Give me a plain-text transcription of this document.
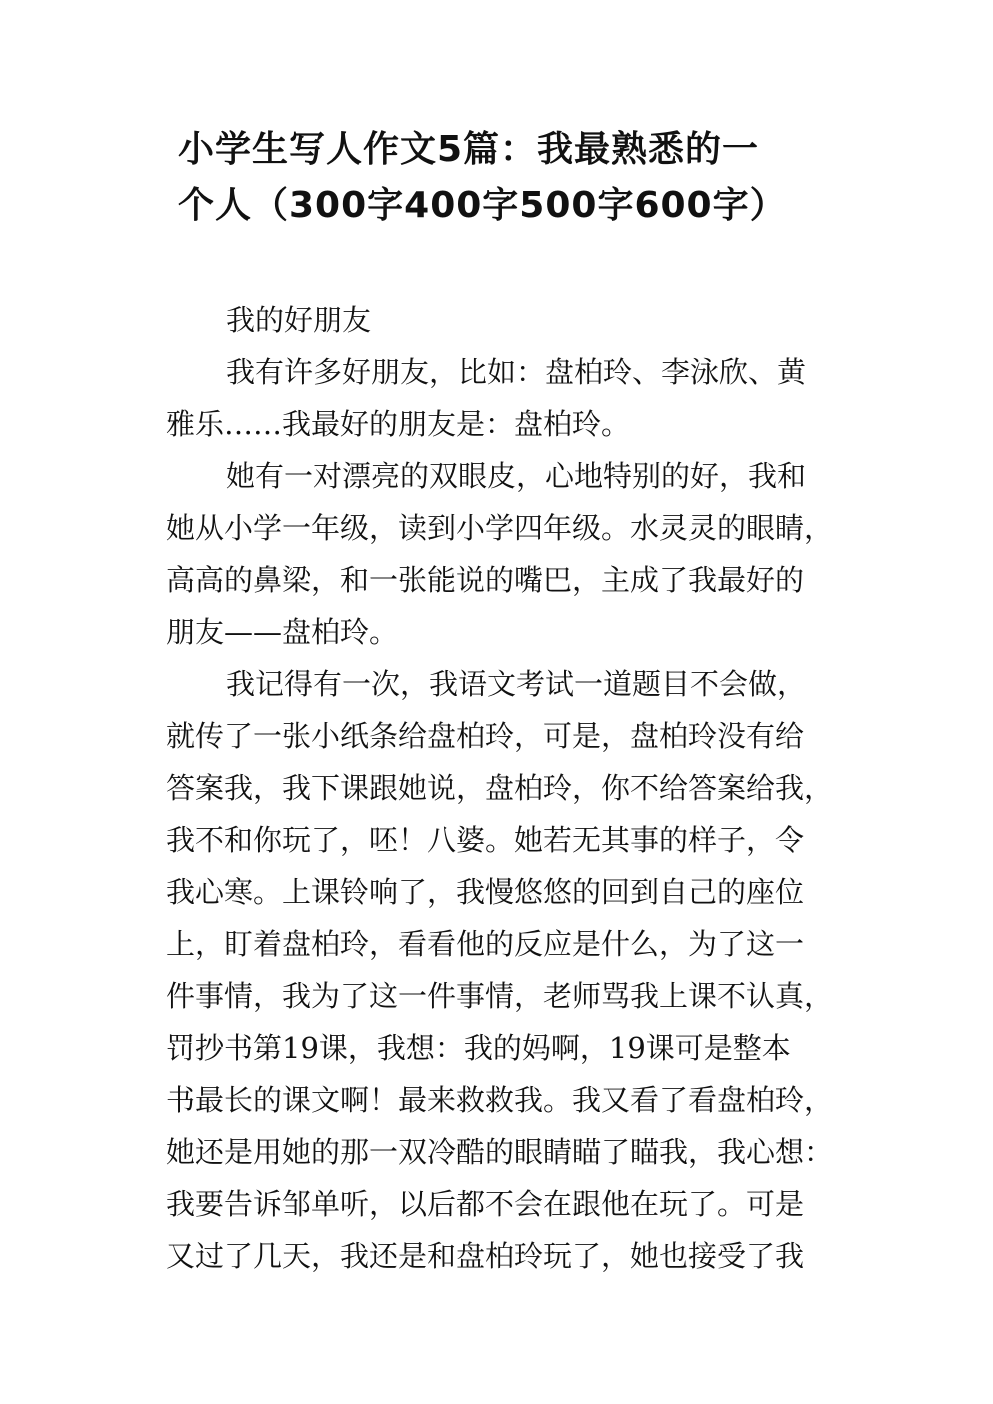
小学生写人作文5篇：我最熟悉的一
个人（300字400字500字600字）

我的好朋友

我有许多好朋友，比如：盘柏玲、李泳欣、黄
雅乐……我最好的朋友是：盘柏玲。

她有一对漂亮的双眼皮，心地特别的好，我和
她从小学一年级，读到小学四年级。水灵灵的眼睛，
高高的鼻梁，和一张能说的嘴巴，主成了我最好的
朋友——盘柏玲。

我记得有一次，我语文考试一道题目不会做，
就传了一张小纸条给盘柏玲，可是，盘柏玲没有给
答案我，我下课跟她说，盘柏玲，你不给答案给我，
我不和你玩了，呸！八婆。她若无其事的样子，令
我心寒。上课铃响了，我慢悠悠的回到自己的座位
上，盯着盘柏玲，看看他的反应是什么，为了这一
件事情，我为了这一件事情，老师骂我上课不认真，
罚抄书第19课，我想：我的妈啊，19课可是整本
书最长的课文啊！最来救救我。我又看了看盘柏玲，
她还是用她的那一双冷酷的眼睛瞄了瞄我，我心想：
我要告诉邹单听，以后都不会在跟他在玩了。可是
又过了几天，我还是和盘柏玲玩了，她也接受了我
